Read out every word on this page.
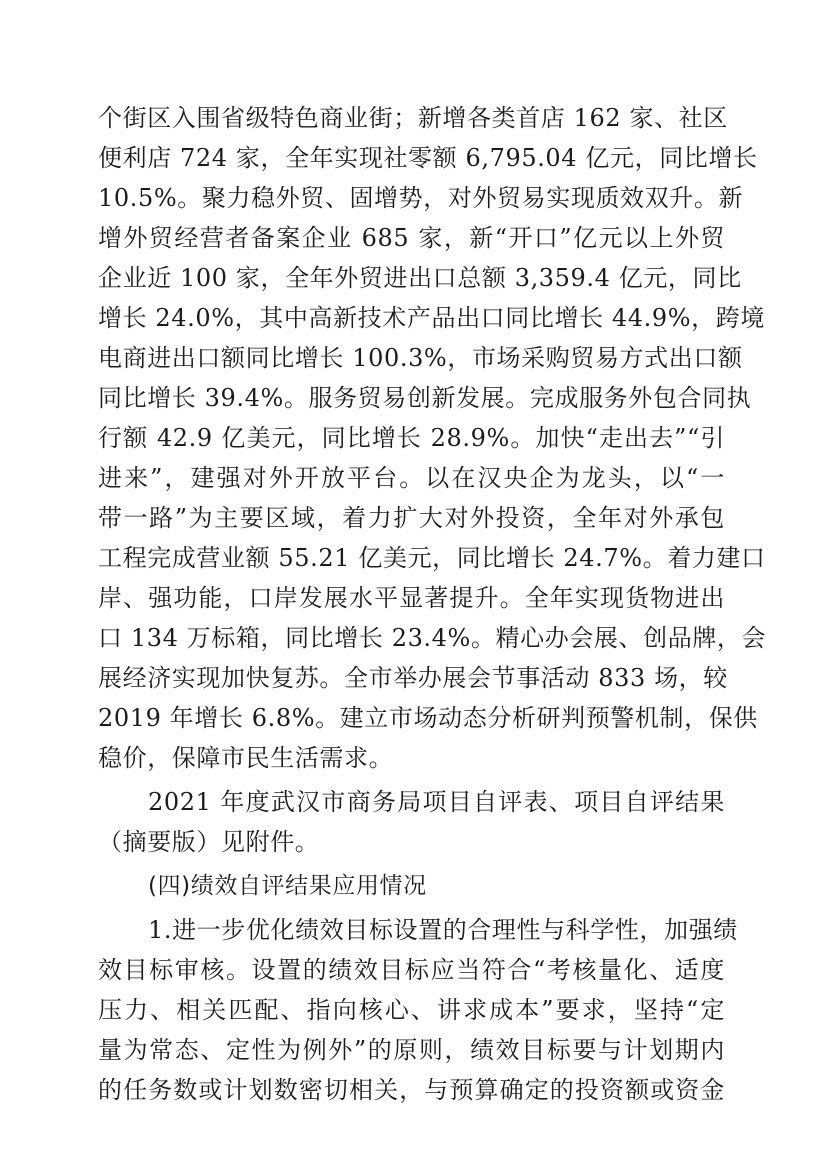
个街区入围省级特色商业街；新增各类首店 162 家、社区
便利店 724 家，全年实现社零额 6,795.04 亿元，同比增长
10.5%。聚力稳外贸、固增势，对外贸易实现质效双升。新
增外贸经营者备案企业 685 家，新“开口”亿元以上外贸
企业近 100 家，全年外贸进出口总额 3,359.4 亿元，同比
增长 24.0%，其中高新技术产品出口同比增长 44.9%，跨境
电商进出口额同比增长 100.3%，市场采购贸易方式出口额
同比增长 39.4%。服务贸易创新发展。完成服务外包合同执
行额 42.9 亿美元，同比增长 28.9%。加快“走出去”“引
进来”，建强对外开放平台。以在汉央企为龙头，以“一
带一路”为主要区域，着力扩大对外投资，全年对外承包
工程完成营业额 55.21 亿美元，同比增长 24.7%。着力建口
岸、强功能，口岸发展水平显著提升。全年实现货物进出
口 134 万标箱，同比增长 23.4%。精心办会展、创品牌，会
展经济实现加快复苏。全市举办展会节事活动 833 场，较
2019 年增长 6.8%。建立市场动态分析研判预警机制，保供
稳价，保障市民生活需求。
2021 年度武汉市商务局项目自评表、项目自评结果
（摘要版）见附件。
(四)绩效自评结果应用情况
1.进一步优化绩效目标设置的合理性与科学性，加强绩
效目标审核。设置的绩效目标应当符合“考核量化、适度
压力、相关匹配、指向核心、讲求成本”要求，坚持“定
量为常态、定性为例外”的原则，绩效目标要与计划期内
的任务数或计划数密切相关，与预算确定的投资额或资金
